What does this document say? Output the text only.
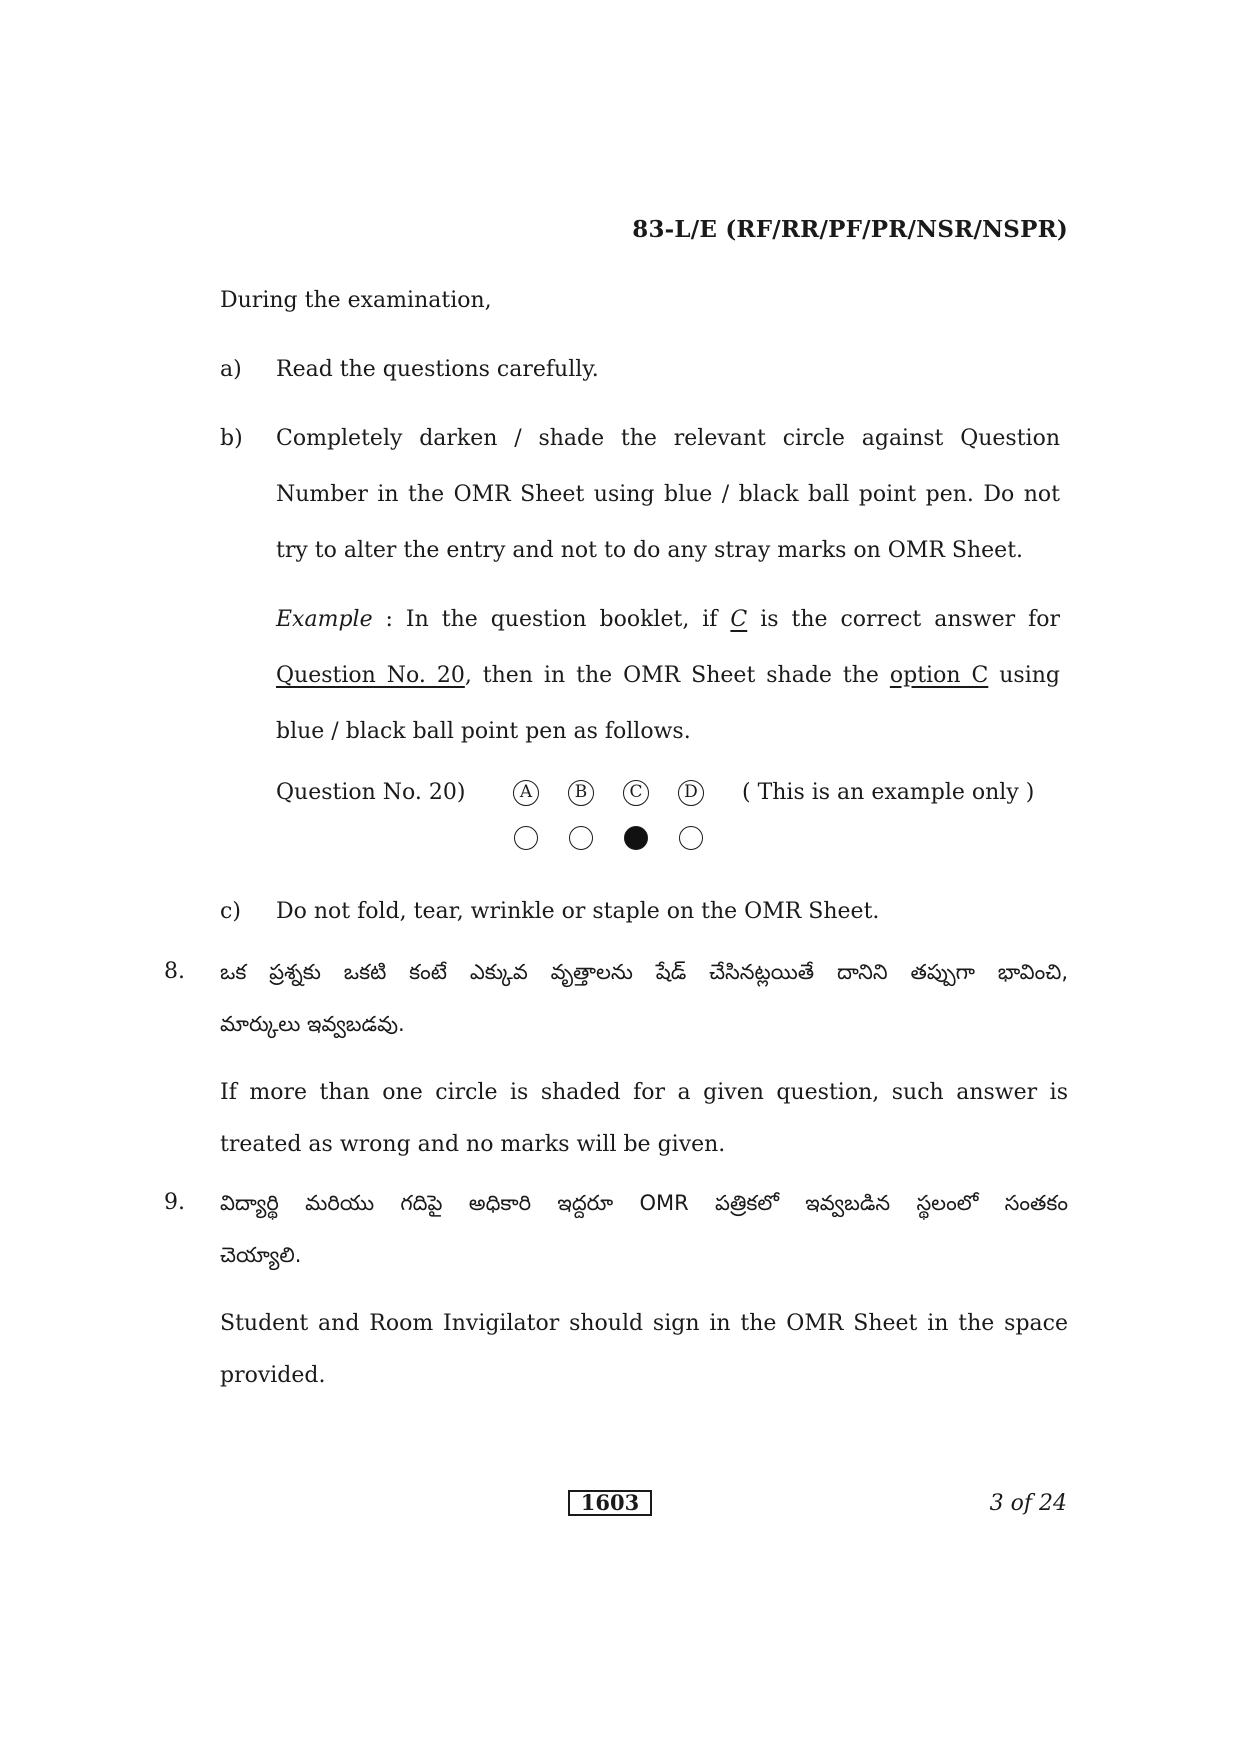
83-L/E (RF/RR/PF/PR/NSR/NSPR)
During the examination,
a) Read the questions carefully.
b) Completely darken / shade the relevant circle against Question
Number in the OMR Sheet using blue / black ball point pen. Do not
try to alter the entry and not to do any stray marks on OMR Sheet.
Example : In the question booklet, if C is the correct answer for
Question No. 20, then in the OMR Sheet shade the option C using
blue / black ball point pen as follows.
Question No. 20)	A	B	C	D ( This is an example only )
c) Do not fold, tear, wrinkle or staple on the OMR Sheet.
8. ఒక ప్రశ్నకు ఒకటి కంటే ఎక్కువ వృత్తాలను షేడ్ చేసినట్లయితే దానిని తప్పుగా భావించి,
మార్కులు ఇవ్వబడవు.
If more than one circle is shaded for a given question, such answer is
treated as wrong and no marks will be given.
9. విద్యార్థి మరియు గదిపై అధికారి ఇద్దరూ OMR పత్రికలో ఇవ్వబడిన స్థలంలో సంతకం
చెయ్యాలి.
Student and Room Invigilator should sign in the OMR Sheet in the space
provided.
1603	3 of 24
